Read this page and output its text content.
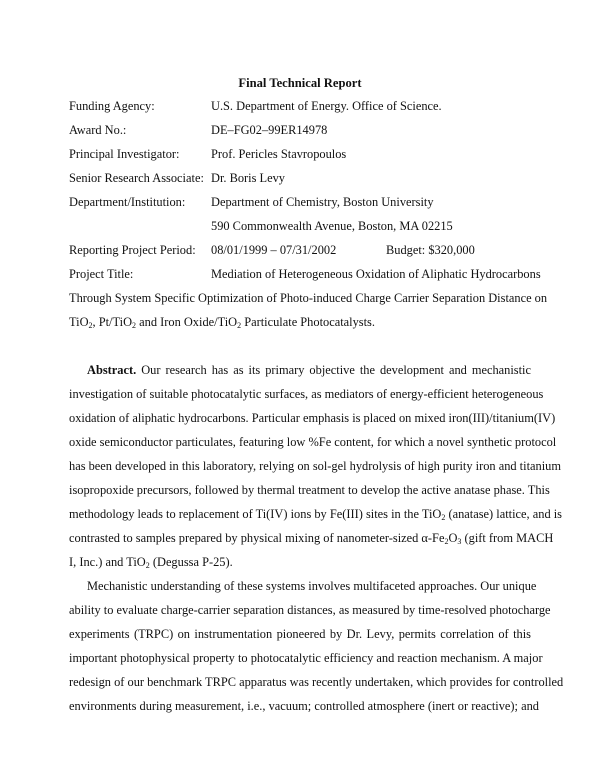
Final Technical Report
Funding Agency:	U.S. Department of Energy. Office of Science.
Award No.:	DE–FG02–99ER14978
Principal Investigator:	Prof. Pericles Stavropoulos
Senior Research Associate: Dr. Boris Levy
Department/Institution: Department of Chemistry, Boston University
590 Commonwealth Avenue, Boston, MA 02215
Reporting Project Period: 08/01/1999 – 07/31/2002	Budget: $320,000
Project Title:	Mediation of Heterogeneous Oxidation of Aliphatic Hydrocarbons
Through System Specific Optimization of Photo-induced Charge Carrier Separation Distance on
TiO$_2$, Pt/TiO$_2$ and Iron Oxide/TiO$_2$ Particulate Photocatalysts.
Abstract. Our research has as its primary objective the development and mechanistic
investigation of suitable photocatalytic surfaces, as mediators of energy-efficient heterogeneous
oxidation of aliphatic hydrocarbons. Particular emphasis is placed on mixed iron(III)/titanium(IV)
oxide semiconductor particulates, featuring low %Fe content, for which a novel synthetic protocol
has been developed in this laboratory, relying on sol-gel hydrolysis of high purity iron and titanium
isopropoxide precursors, followed by thermal treatment to develop the active anatase phase. This
methodology leads to replacement of Ti(IV) ions by Fe(III) sites in the TiO$_2$ (anatase) lattice, and is
contrasted to samples prepared by physical mixing of nanometer-sized $\alpha-Fe_2O_3$ (gift from MACH
I, Inc.) and TiO$_2$ (Degussa P-25).
Mechanistic understanding of these systems involves multifaceted approaches. Our unique
ability to evaluate charge-carrier separation distances, as measured by time-resolved photocharge
experiments (TRPC) on instrumentation pioneered by Dr. Levy, permits correlation of this
important photophysical property to photocatalytic efficiency and reaction mechanism. A major
redesign of our benchmark TRPC apparatus was recently undertaken, which provides for controlled
environments during measurement, i.e., vacuum; controlled atmosphere (inert or reactive); and
